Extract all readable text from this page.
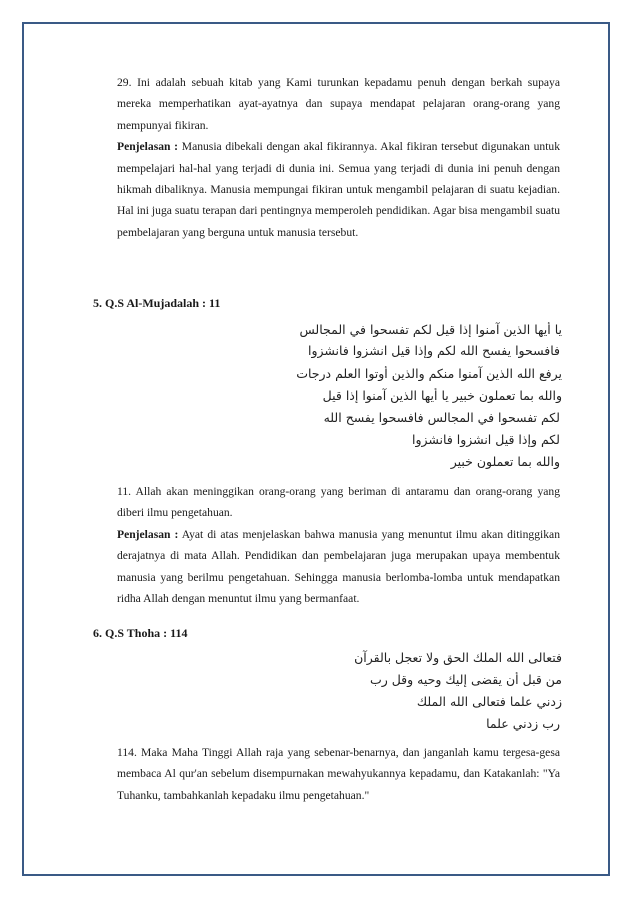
29. Ini adalah sebuah kitab yang Kami turunkan kepadamu penuh dengan berkah supaya mereka memperhatikan ayat-ayatnya dan supaya mendapat pelajaran orang-orang yang mempunyai fikiran.
Penjelasan : Manusia dibekali dengan akal fikirannya. Akal fikiran tersebut digunakan untuk mempelajari hal-hal yang terjadi di dunia ini. Semua yang terjadi di dunia ini penuh dengan hikmah dibaliknya. Manusia mempungai fikiran untuk mengambil pelajaran di suatu kejadian. Hal ini juga suatu terapan dari pentingnya memperoleh pendidikan. Agar bisa mengambil suatu pembelajaran yang berguna untuk manusia tersebut.
5. Q.S Al-Mujadalah : 11
ﻳﺎ ﺃﻳﻬﺎ ﺍﻟﺬﻳﻦ ﺁﻣﻨﻮﺍ ﺇﺫﺍ ﻗﻴﻞ ﻟﻜﻢ ﺗﻔﺴﺤﻮﺍ ﻓﻲ ﺍﻟﻤﺠﺎﻟﺲ
ﻓﺎﻓﺴﺤﻮﺍ ﻳﻔﺴﺢ ﺍﻟﻠﻪ ﻟﻜﻢ ﻭﺇﺫﺍ ﻗﻴﻞ ﺍﻧﺸﺰﻭﺍ ﻓﺎﻧﺸﺰﻭﺍ
ﻳﺮﻓﻊ ﺍﻟﻠﻪ ﺍﻟﺬﻳﻦ ﺁﻣﻨﻮﺍ ﻣﻨﻜﻢ ﻭﺍﻟﺬﻳﻦ ﺃﻭﺗﻮﺍ ﺍﻟﻌﻠﻢ ﺩﺭﺟﺎﺕ
ﻭﺍﻟﻠﻪ ﺑﻤﺎ ﺗﻌﻤﻠﻮﻥ ﺧﺒﻴﺮ ﻳﺎ ﺃﻳﻬﺎ ﺍﻟﺬﻳﻦ ﺁﻣﻨﻮﺍ ﺇﺫﺍ ﻗﻴﻞ
ﻟﻜﻢ ﺗﻔﺴﺤﻮﺍ ﻓﻲ ﺍﻟﻤﺠﺎﻟﺲ ﻓﺎﻓﺴﺤﻮﺍ ﻳﻔﺴﺢ ﺍﻟﻠﻪ
ﻟﻜﻢ ﻭﺇﺫﺍ ﻗﻴﻞ ﺍﻧﺸﺰﻭﺍ ﻓﺎﻧﺸﺰﻭﺍ
ﻭﺍﻟﻠﻪ ﺑﻤﺎ ﺗﻌﻤﻠﻮﻥ ﺧﺒﻴﺮ
11. Allah akan meninggikan orang-orang yang beriman di antaramu dan orang-orang yang diberi ilmu pengetahuan.
Penjelasan : Ayat di atas menjelaskan bahwa manusia yang menuntut ilmu akan ditinggikan derajatnya di mata Allah. Pendidikan dan pembelajaran juga merupakan upaya membentuk manusia yang berilmu pengetahuan. Sehingga manusia berlomba-lomba untuk mendapatkan ridha Allah dengan menuntut ilmu yang bermanfaat.
6. Q.S Thoha : 114
ﻓﺘﻌﺎﻟﻰ ﺍﻟﻠﻪ ﺍﻟﻤﻠﻚ ﺍﻟﺤﻖ ﻭﻻ ﺗﻌﺠﻞ ﺑﺎﻟﻘﺮﺁﻥ
ﻣﻦ ﻗﺒﻞ ﺃﻥ ﻳﻘﻀﻰ ﺇﻟﻴﻚ ﻭﺣﻴﻪ ﻭﻗﻞ ﺭﺏ
ﺯﺩﻧﻲ ﻋﻠﻤﺎ ﻓﺘﻌﺎﻟﻰ ﺍﻟﻠﻪ ﺍﻟﻤﻠﻚ
ﺭﺏ ﺯﺩﻧﻲ ﻋﻠﻤﺎ
114. Maka Maha Tinggi Allah raja yang sebenar-benarnya, dan janganlah kamu tergesa-gesa membaca Al qur'an sebelum disempurnakan mewahyukannya kepadamu, dan Katakanlah: "Ya Tuhanku, tambahkanlah kepadaku ilmu pengetahuan."
